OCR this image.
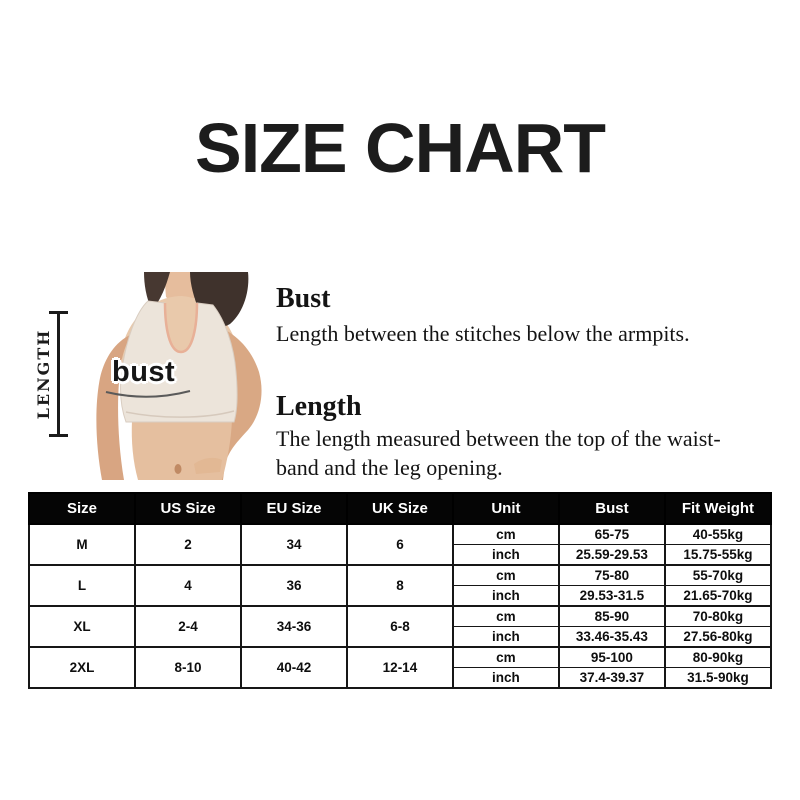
SIZE CHART
bust
LENGTH
Bust
Length between the stitches below the armpits.
Length
The length measured between the top of the waist-
band and the leg opening.
Size	US Size	EU Size	UK Size	Unit	Bust	Fit Weight
M	2	34	6	cm	65-75	40-55kg
				inch	25.59-29.53	15.75-55kg
L	4	36	8	cm	75-80	55-70kg
				inch	29.53-31.5	21.65-70kg
XL	2-4	34-36	6-8	cm	85-90	70-80kg
				inch	33.46-35.43	27.56-80kg
2XL	8-10	40-42	12-14	cm	95-100	80-90kg
				inch	37.4-39.37	31.5-90kg
